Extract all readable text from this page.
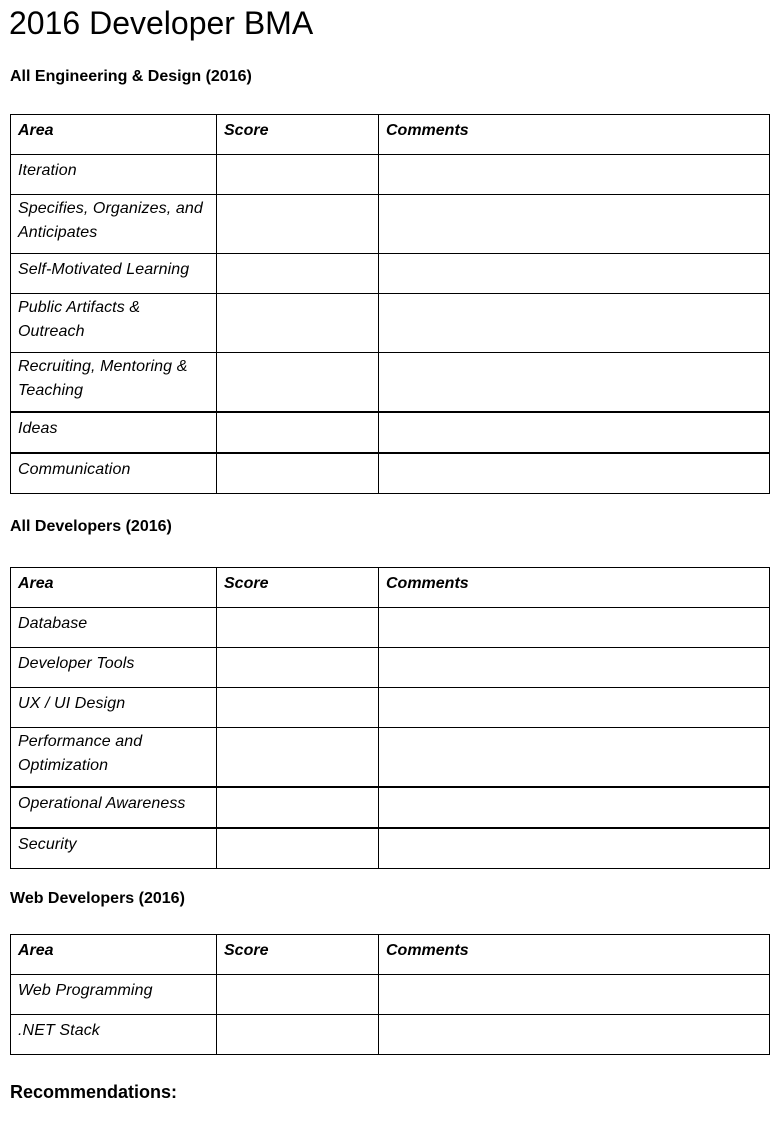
2016 Developer BMA
All Engineering & Design (2016)
Area	Score	Comments
Iteration		
Specifies, Organizes, and Anticipates		
Self-Motivated Learning		
Public Artifacts & Outreach		
Recruiting, Mentoring & Teaching		
Ideas		
Communication		
All Developers (2016)
Area	Score	Comments
Database		
Developer Tools		
UX / UI Design		
Performance and Optimization		
Operational Awareness		
Security		
Web Developers (2016)
Area	Score	Comments
Web Programming		
.NET Stack		
Recommendations:
